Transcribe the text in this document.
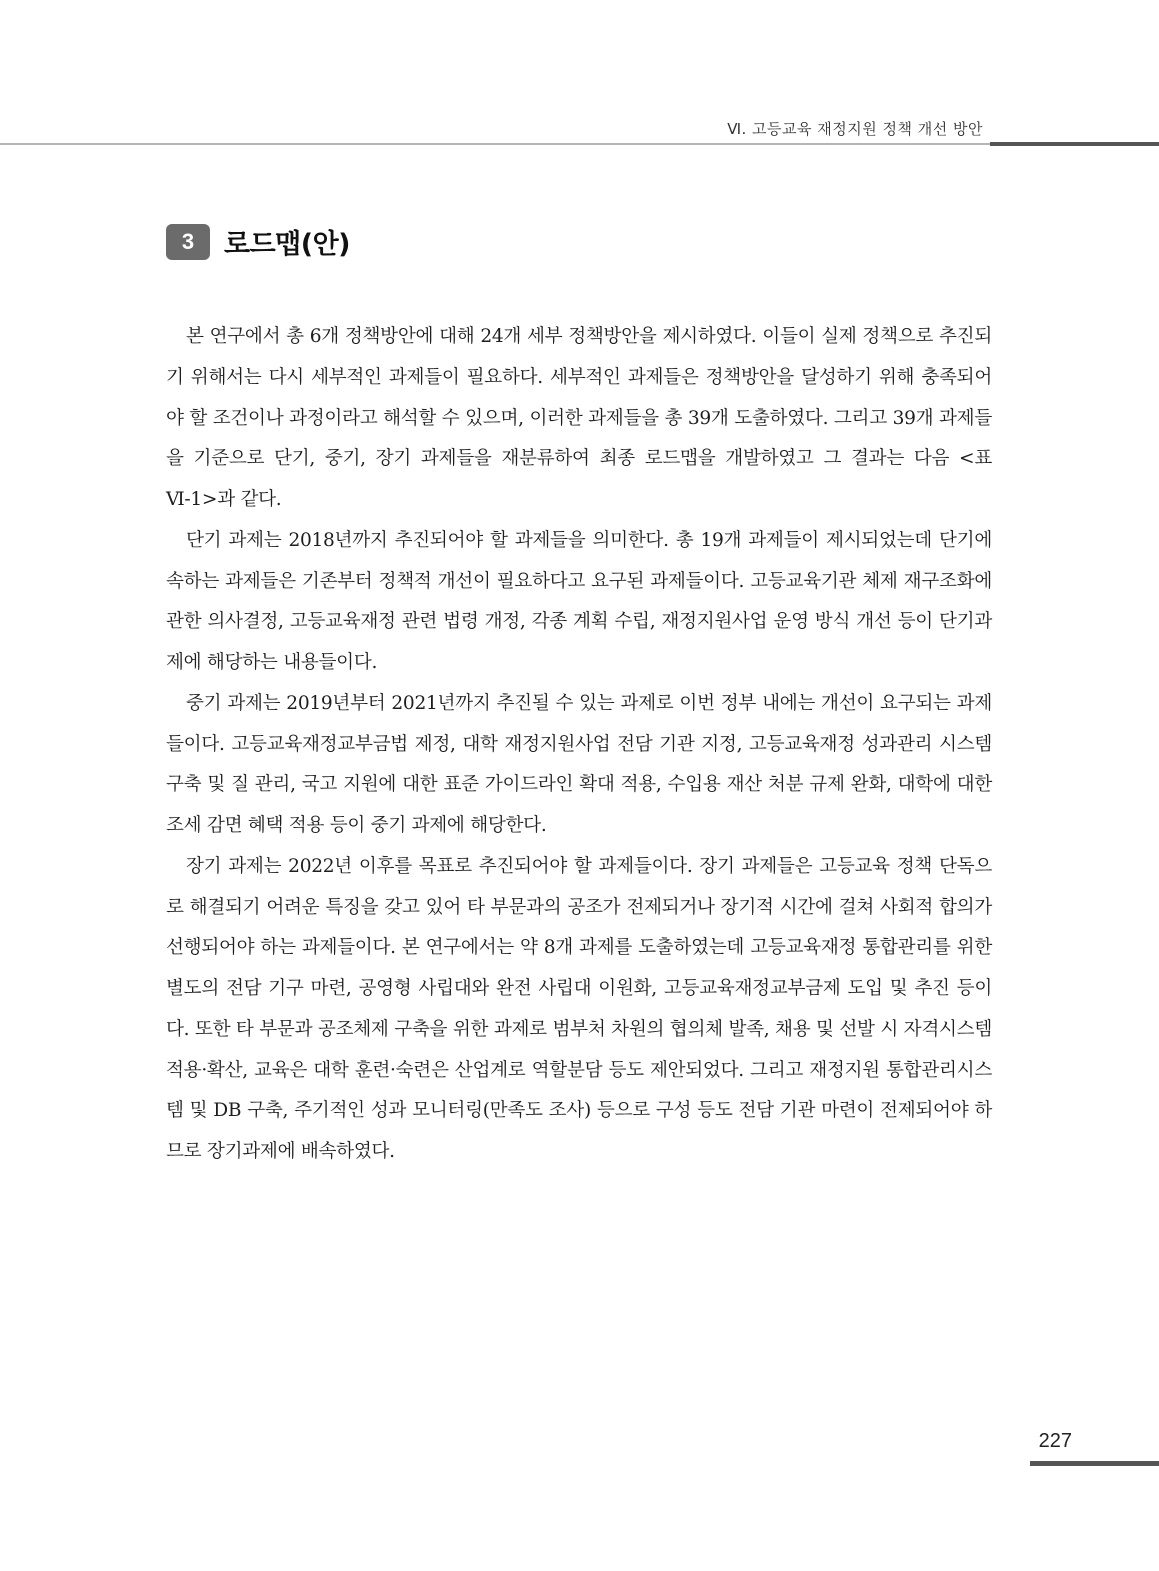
Ⅵ. 고등교육 재정지원 정책 개선 방안
3	로드맵(안)

본 연구에서 총 6개 정책방안에 대해 24개 세부 정책방안을 제시하였다. 이들이 실제 정책으로 추진되기 위해서는 다시 세부적인 과제들이 필요하다. 세부적인 과제들은 정책방안을 달성하기 위해 충족되어야 할 조건이나 과정이라고 해석할 수 있으며, 이러한 과제들을 총 39개 도출하였다. 그리고 39개 과제들을 기준으로 단기, 중기, 장기 과제들을 재분류하여 최종 로드맵을 개발하였고 그 결과는 다음 <표 Ⅵ-1>과 같다.

단기 과제는 2018년까지 추진되어야 할 과제들을 의미한다. 총 19개 과제들이 제시되었는데 단기에 속하는 과제들은 기존부터 정책적 개선이 필요하다고 요구된 과제들이다. 고등교육기관 체제 재구조화에 관한 의사결정, 고등교육재정 관련 법령 개정, 각종 계획 수립, 재정지원사업 운영 방식 개선 등이 단기과제에 해당하는 내용들이다.

중기 과제는 2019년부터 2021년까지 추진될 수 있는 과제로 이번 정부 내에는 개선이 요구되는 과제들이다. 고등교육재정교부금법 제정, 대학 재정지원사업 전담 기관 지정, 고등교육재정 성과관리 시스템 구축 및 질 관리, 국고 지원에 대한 표준 가이드라인 확대 적용, 수입용 재산 처분 규제 완화, 대학에 대한 조세 감면 혜택 적용 등이 중기 과제에 해당한다.

장기 과제는 2022년 이후를 목표로 추진되어야 할 과제들이다. 장기 과제들은 고등교육 정책 단독으로 해결되기 어려운 특징을 갖고 있어 타 부문과의 공조가 전제되거나 장기적 시간에 걸쳐 사회적 합의가 선행되어야 하는 과제들이다. 본 연구에서는 약 8개 과제를 도출하였는데 고등교육재정 통합관리를 위한 별도의 전담 기구 마련, 공영형 사립대와 완전 사립대 이원화, 고등교육재정교부금제 도입 및 추진 등이다. 또한 타 부문과 공조체제 구축을 위한 과제로 범부처 차원의 협의체 발족, 채용 및 선발 시 자격시스템 적용·확산, 교육은 대학 훈련·숙련은 산업계로 역할분담 등도 제안되었다. 그리고 재정지원 통합관리시스템 및 DB 구축, 주기적인 성과 모니터링(만족도 조사) 등으로 구성 등도 전담 기관 마련이 전제되어야 하므로 장기과제에 배속하였다.

227
